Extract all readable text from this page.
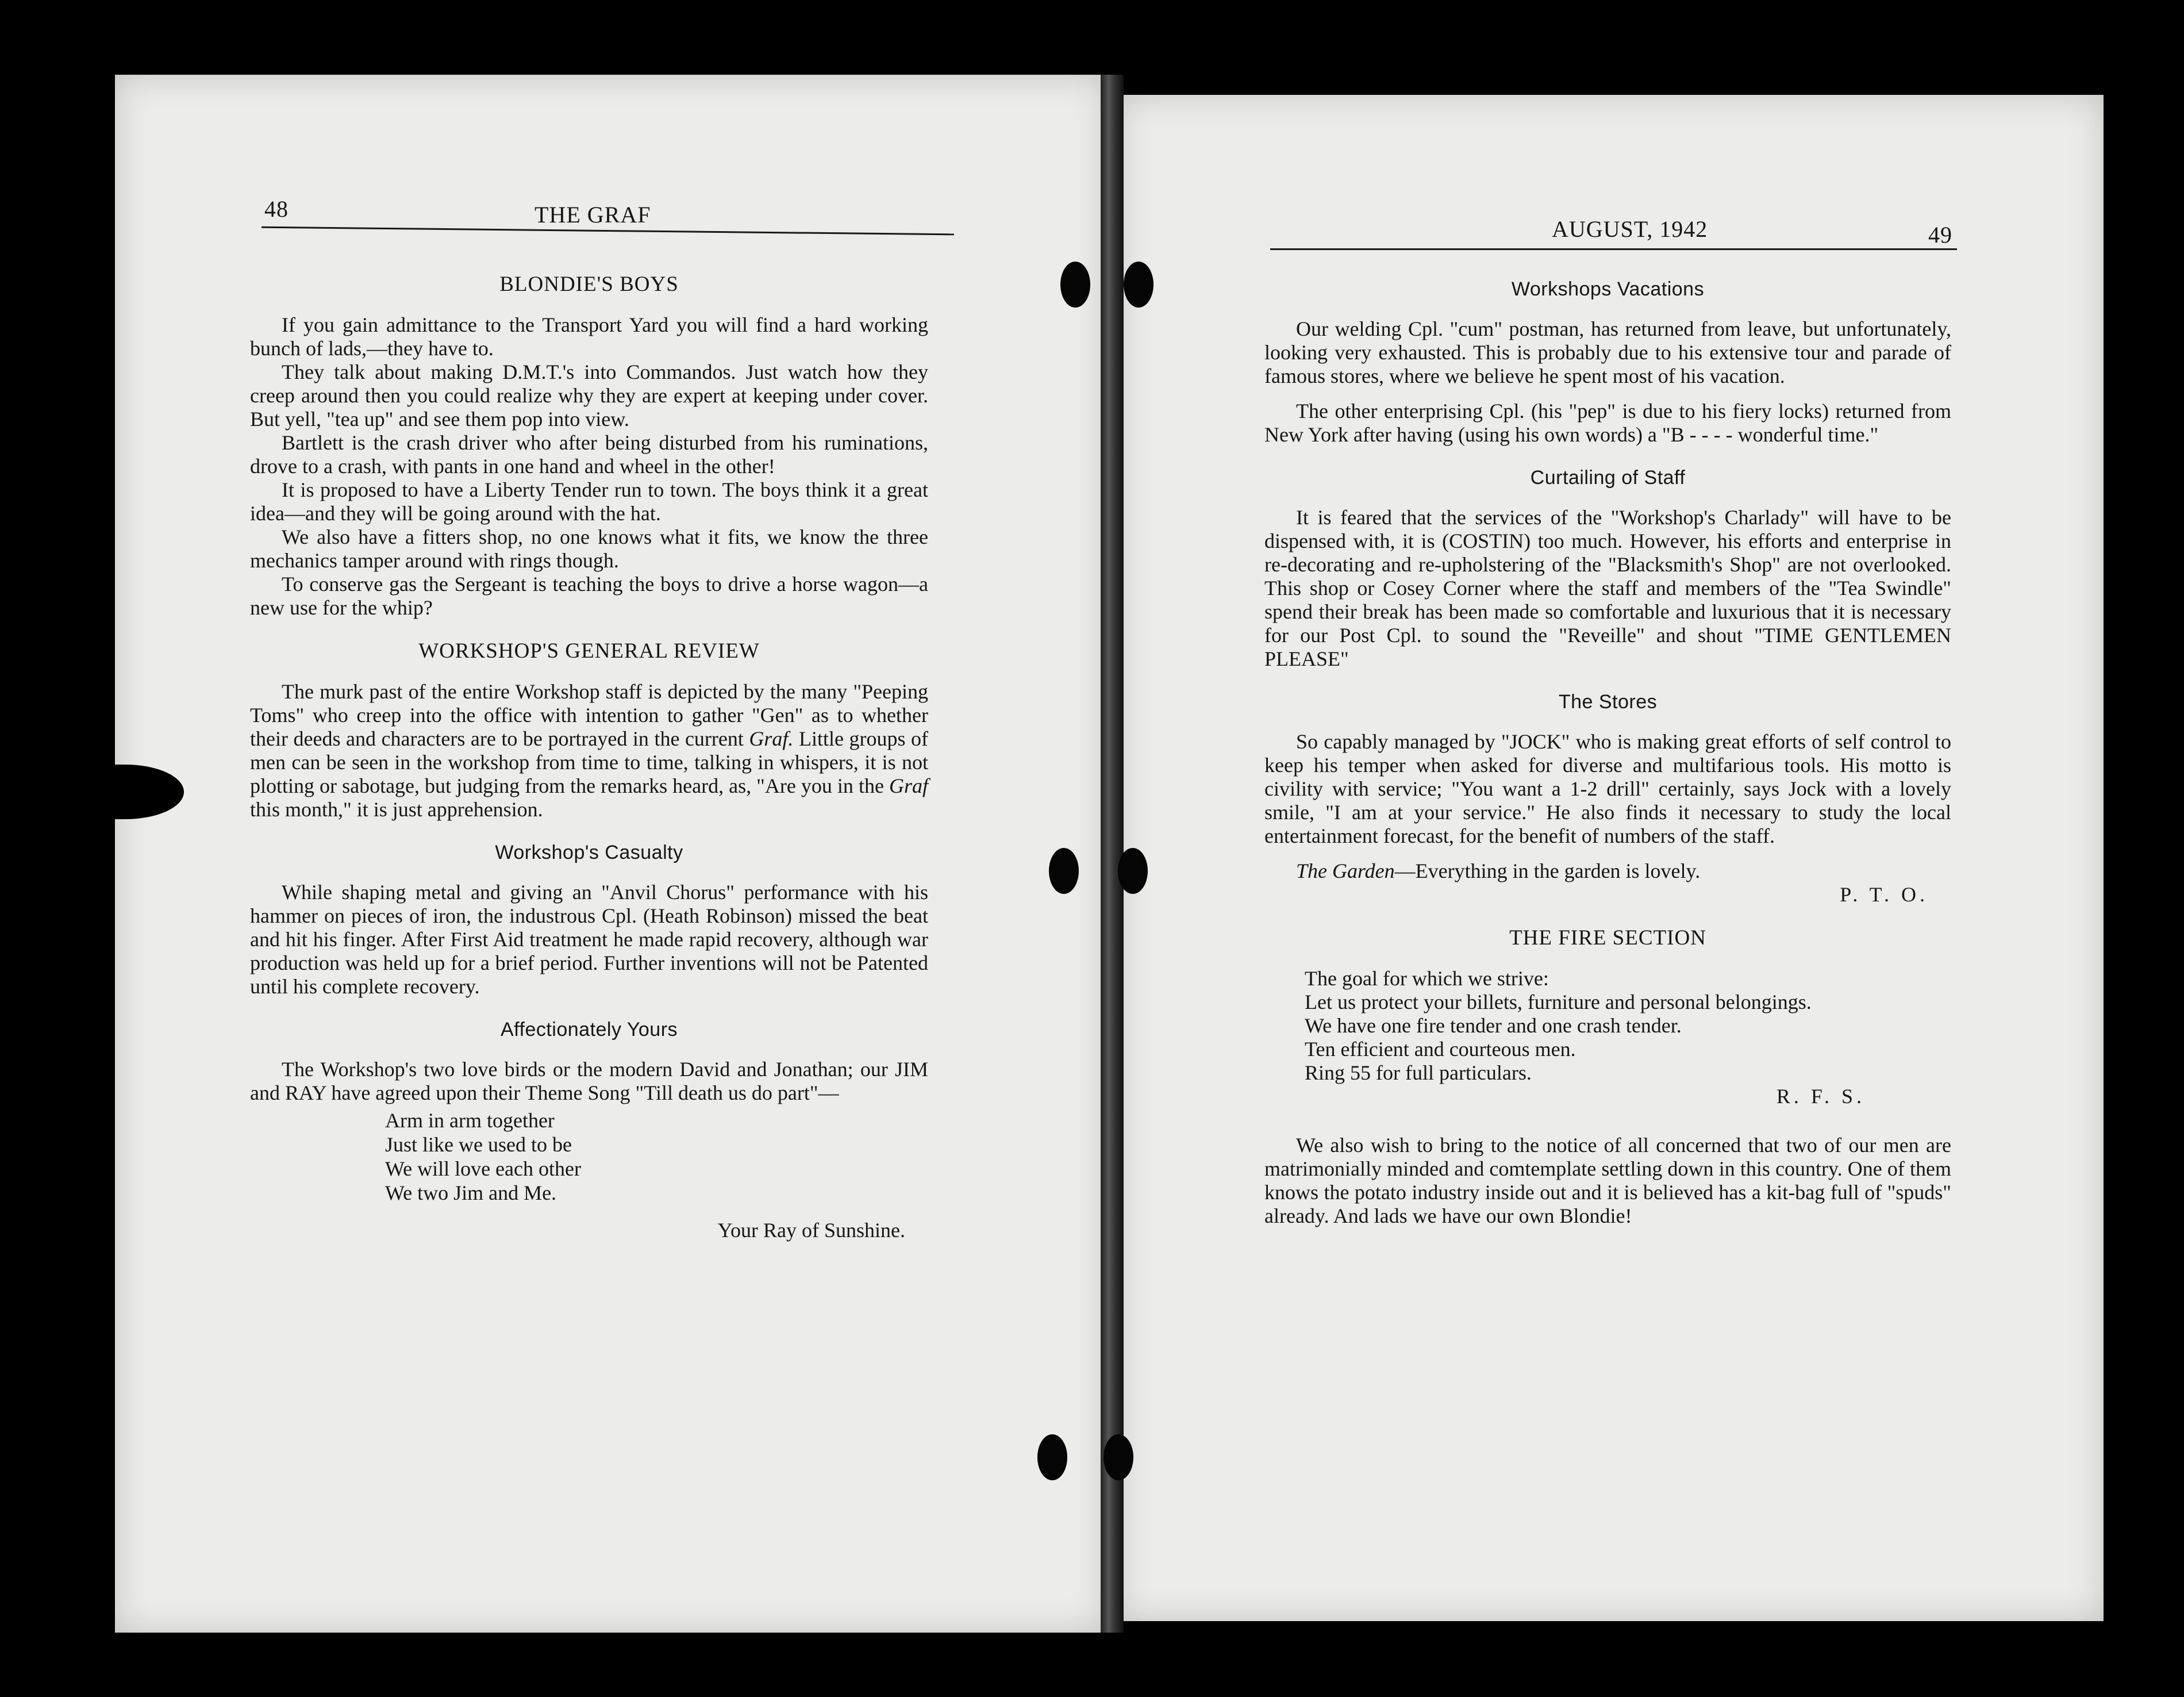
48	THE GRAF
BLONDIE'S BOYS

If you gain admittance to the Transport Yard you will find a hard working bunch of lads,—they have to.

They talk about making D.M.T.'s into Commandos. Just watch how they creep around then you could realize why they are expert at keeping under cover. But yell, "tea up" and see them pop into view.

Bartlett is the crash driver who after being disturbed from his ruminations, drove to a crash, with pants in one hand and wheel in the other!

It is proposed to have a Liberty Tender run to town. The boys think it a great idea—and they will be going around with the hat.

We also have a fitters shop, no one knows what it fits, we know the three mechanics tamper around with rings though.

To conserve gas the Sergeant is teaching the boys to drive a horse wagon—a new use for the whip?

WORKSHOP'S GENERAL REVIEW

The murk past of the entire Workshop staff is depicted by the many "Peeping Toms" who creep into the office with intention to gather "Gen" as to whether their deeds and characters are to be portrayed in the current Graf. Little groups of men can be seen in the workshop from time to time, talking in whispers, it is not plotting or sabotage, but judging from the remarks heard, as, "Are you in the Graf this month," it is just apprehension.

Workshop's Casualty

While shaping metal and giving an "Anvil Chorus" performance with his hammer on pieces of iron, the industrous Cpl. (Heath Robinson) missed the beat and hit his finger. After First Aid treatment he made rapid recovery, although war production was held up for a brief period. Further inventions will not be Patented until his complete recovery.

Affectionately Yours

The Workshop's two love birds or the modern David and Jonathan; our JIM and RAY have agreed upon their Theme Song "Till death us do part"—

Arm in arm together
Just like we used to be
We will love each other
We two Jim and Me.
Your Ray of Sunshine.
AUGUST, 1942	49
Workshops Vacations

Our welding Cpl. "cum" postman, has returned from leave, but unfortunately, looking very exhausted. This is probably due to his extensive tour and parade of famous stores, where we believe he spent most of his vacation.

The other enterprising Cpl. (his "pep" is due to his fiery locks) returned from New York after having (using his own words) a "B - - - - wonderful time."

Curtailing of Staff

It is feared that the services of the "Workshop's Charlady" will have to be dispensed with, it is (COSTIN) too much. However, his efforts and enterprise in re-decorating and re-upholstering of the "Blacksmith's Shop" are not overlooked. This shop or Cosey Corner where the staff and members of the "Tea Swindle" spend their break has been made so comfortable and luxurious that it is necessary for our Post Cpl. to sound the "Reveille" and shout "TIME GENTLEMEN PLEASE"

The Stores

So capably managed by "JOCK" who is making great efforts of self control to keep his temper when asked for diverse and multifarious tools. His motto is civility with service; "You want a 1-2 drill" certainly, says Jock with a lovely smile, "I am at your service." He also finds it necessary to study the local entertainment forecast, for the benefit of numbers of the staff.

The Garden—Everything in the garden is lovely.

P. T. O.
THE FIRE SECTION
The goal for which we strive:
Let us protect your billets, furniture and personal belongings.
We have one fire tender and one crash tender.
Ten efficient and courteous men.
Ring 55 for full particulars.
R. F. S.

We also wish to bring to the notice of all concerned that two of our men are matrimonially minded and comtemplate settling down in this country. One of them knows the potato industry inside out and it is believed has a kit-bag full of "spuds" already. And lads we have our own Blondie!
